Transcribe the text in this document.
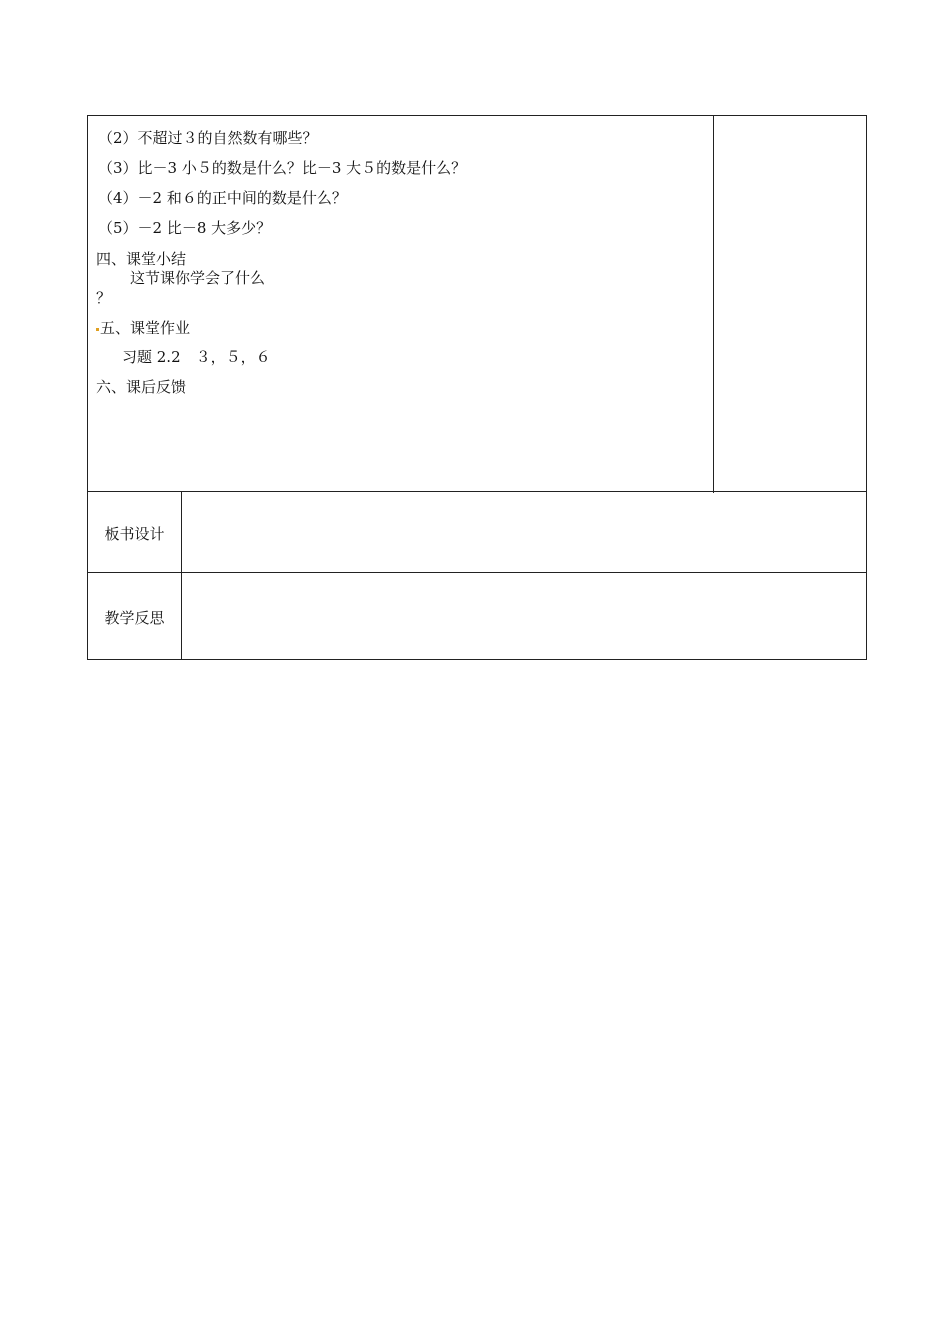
（2）不超过３的自然数有哪些？
（3）比－3 小５的数是什么？比－3 大５的数是什么？
（4）－2 和６的正中间的数是什么？
（5）－2 比－8 大多少？
四、课堂小结
这节课你学会了什么
？
五、课堂作业
习题 2.2　３，５，６
六、课后反馈
板书设计
教学反思
